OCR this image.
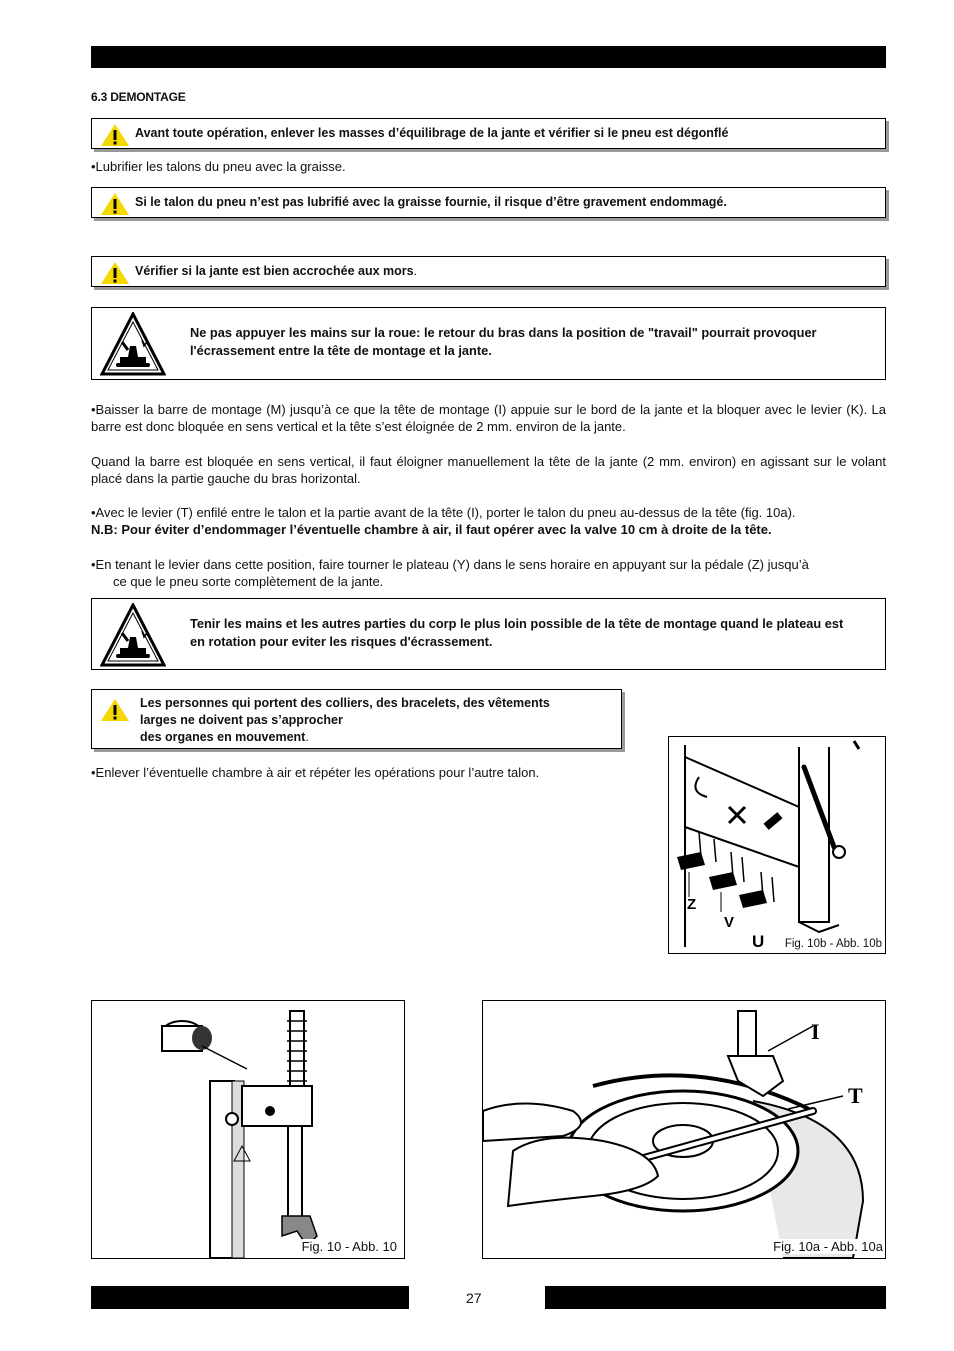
6.3 DEMONTAGE
Avant toute opération, enlever les masses d’équilibrage de la jante et vérifier si le pneu est dégonflé
•Lubrifier les talons du pneu avec la graisse.
Si le talon du pneu n’est pas lubrifié avec la graisse fournie, il risque d’être gravement endommagé.
Vérifier si la jante est bien accrochée aux mors.
Ne pas appuyer les mains sur la roue: le retour du bras dans la position de "travail" pourrait provoquer l'écrassement entre la tête de montage et la jante.
•Baisser la barre de montage (M) jusqu’à ce que la tête de montage (I) appuie sur le bord de la jante et la bloquer avec le levier (K). La barre est donc bloquée en sens vertical et la tête s’est éloignée de 2 mm. environ de la jante.
Quand la barre est bloquée en sens vertical, il faut éloigner manuellement la tête de la jante (2 mm. environ) en agissant sur le volant placé dans la partie gauche du bras horizontal.
•Avec le levier (T) enfilé entre le talon et la partie avant de la tête (I), porter le talon du pneu au-dessus de la tête (fig. 10a).
N.B: Pour éviter d’endommager l’éventuelle chambre à air, il faut opérer avec la valve 10 cm à droite de la tête.
•En tenant le levier dans cette position, faire tourner le plateau (Y) dans le sens horaire en appuyant sur la pédale (Z) jusqu’à
ce que le pneu sorte complètement de la jante.
Tenir les mains et les autres parties du corp le plus loin possible de la tête de montage quand le plateau est en rotation pour eviter les risques d'écrassement.
Les personnes qui portent des colliers, des bracelets, des vêtements
larges ne doivent pas s’approcher
des organes en mouvement.
•Enlever l’éventuelle chambre à air et répéter les opérations pour l’autre talon.
Z
V
U Fig. 10b - Abb. 10b
Fig. 10 - Abb. 10
I
T
Fig. 10a - Abb. 10a
27
